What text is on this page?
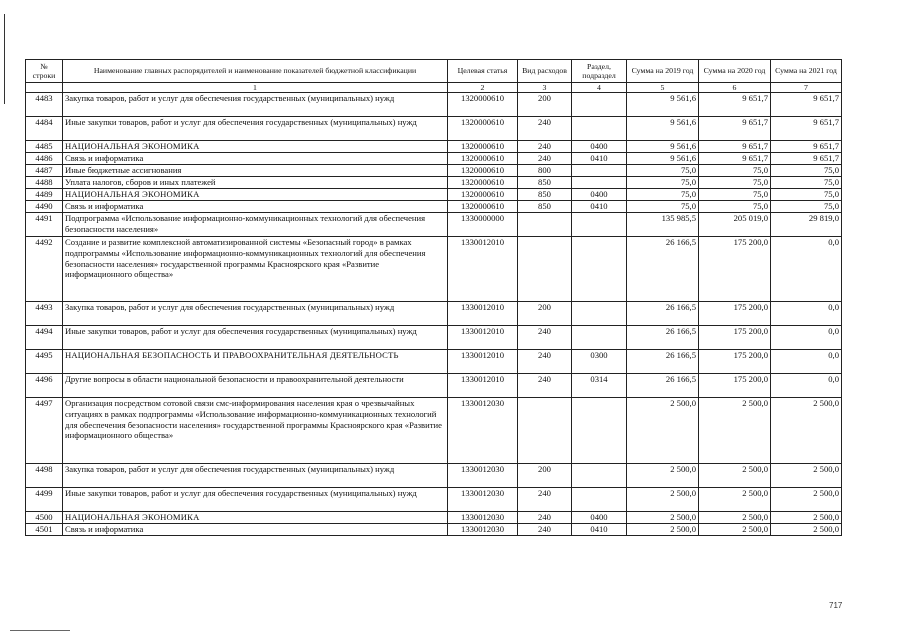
№ строки	Наименование главных распорядителей и наименование показателей бюджетной классификации	Целевая статья	Вид расходов	Раздел, подраздел	Сумма на 2019 год	Сумма на 2020 год	Сумма на 2021 год
	1	2	3	4	5	6	7
4483	Закупка товаров, работ и услуг для обеспечения государственных (муниципальных) нужд	1320000610	200		9 561,6	9 651,7	9 651,7
4484	Иные закупки товаров, работ и услуг для обеспечения государственных (муниципальных) нужд	1320000610	240		9 561,6	9 651,7	9 651,7
4485	НАЦИОНАЛЬНАЯ ЭКОНОМИКА	1320000610	240	0400	9 561,6	9 651,7	9 651,7
4486	Связь и информатика	1320000610	240	0410	9 561,6	9 651,7	9 651,7
4487	Иные бюджетные ассигнования	1320000610	800		75,0	75,0	75,0
4488	Уплата налогов, сборов и иных платежей	1320000610	850		75,0	75,0	75,0
4489	НАЦИОНАЛЬНАЯ ЭКОНОМИКА	1320000610	850	0400	75,0	75,0	75,0
4490	Связь и информатика	1320000610	850	0410	75,0	75,0	75,0
4491	Подпрограмма «Использование информационно-коммуникационных технологий для обеспечения безопасности населения»	1330000000			135 985,5	205 019,0	29 819,0
4492	Создание и развитие комплексной автоматизированной системы «Безопасный город» в рамках подпрограммы «Использование информационно-коммуникационных технологий для обеспечения безопасности населения» государственной программы Красноярского края «Развитие информационного общества»	1330012010			26 166,5	175 200,0	0,0
4493	Закупка товаров, работ и услуг для обеспечения государственных (муниципальных) нужд	1330012010	200		26 166,5	175 200,0	0,0
4494	Иные закупки товаров, работ и услуг для обеспечения государственных (муниципальных) нужд	1330012010	240		26 166,5	175 200,0	0,0
4495	НАЦИОНАЛЬНАЯ БЕЗОПАСНОСТЬ И ПРАВООХРАНИТЕЛЬНАЯ ДЕЯТЕЛЬНОСТЬ	1330012010	240	0300	26 166,5	175 200,0	0,0
4496	Другие вопросы в области национальной безопасности и правоохранительной деятельности	1330012010	240	0314	26 166,5	175 200,0	0,0
4497	Организация посредством сотовой связи смс-информирования населения края о чрезвычайных ситуациях в рамках подпрограммы «Использование информационно-коммуникационных технологий для обеспечения безопасности населения» государственной программы Красноярского края «Развитие информационного общества»	1330012030			2 500,0	2 500,0	2 500,0
4498	Закупка товаров, работ и услуг для обеспечения государственных (муниципальных) нужд	1330012030	200		2 500,0	2 500,0	2 500,0
4499	Иные закупки товаров, работ и услуг для обеспечения государственных (муниципальных) нужд	1330012030	240		2 500,0	2 500,0	2 500,0
4500	НАЦИОНАЛЬНАЯ ЭКОНОМИКА	1330012030	240	0400	2 500,0	2 500,0	2 500,0
4501	Связь и информатика	1330012030	240	0410	2 500,0	2 500,0	2 500,0
717
